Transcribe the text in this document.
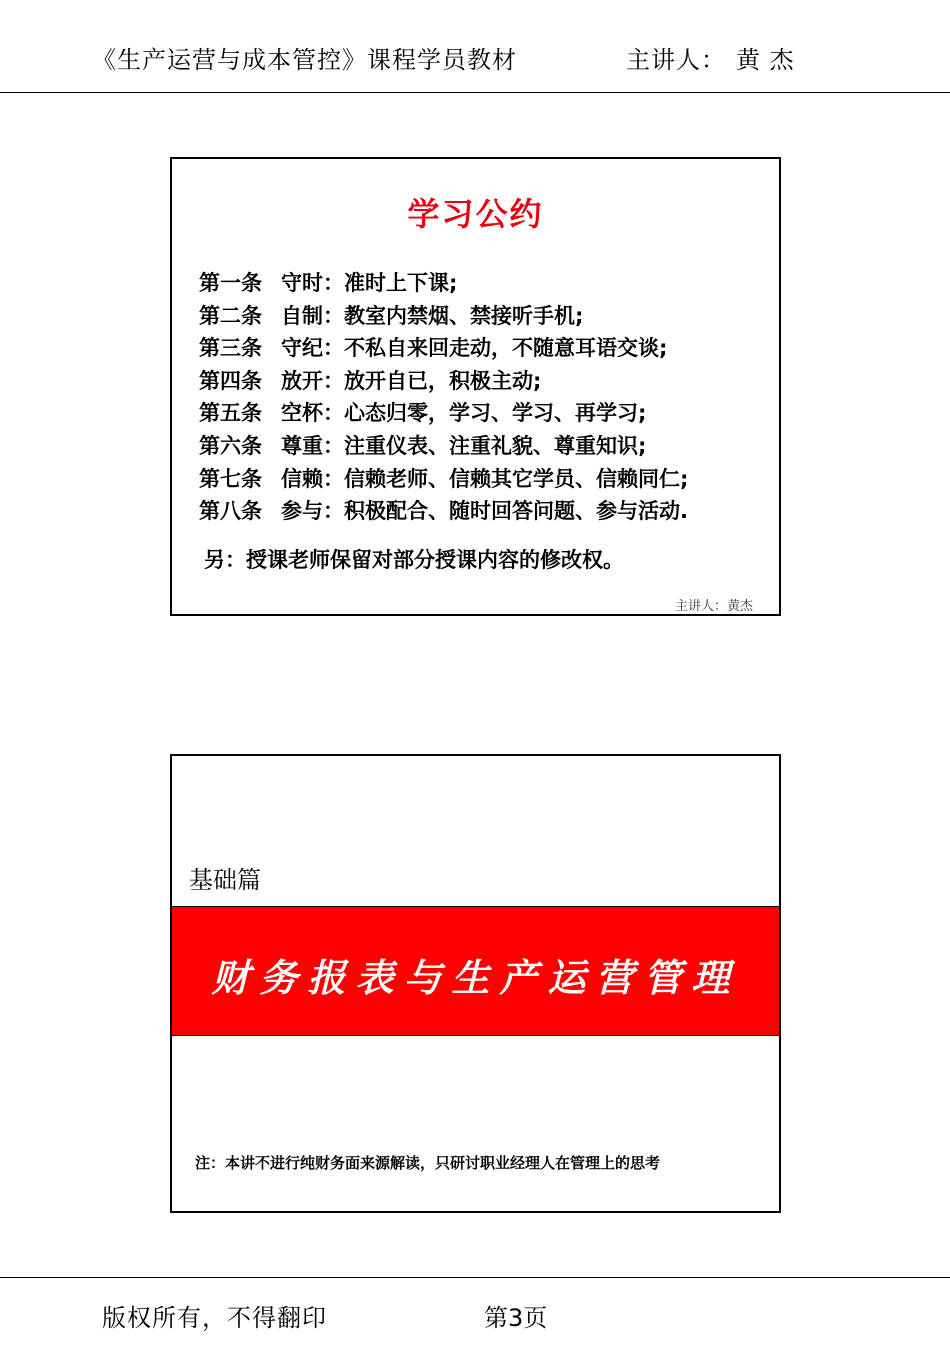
《生产运营与成本管控》课程学员教材	主讲人： 黄 杰
学习公约
第一条 守时：准时上下课;
第二条 自制：教室内禁烟、禁接听手机;
第三条 守纪：不私自来回走动，不随意耳语交谈;
第四条 放开：放开自已，积极主动;
第五条 空杯：心态归零，学习、学习、再学习;
第六条 尊重：注重仪表、注重礼貌、尊重知识;
第七条 信赖：信赖老师、信赖其它学员、信赖同仁;
第八条 参与：积极配合、随时回答问题、参与活动.
另：授课老师保留对部分授课内容的修改权。
主讲人：黄杰
基础篇
财务报表与生产运营管理
注：本讲不进行纯财务面来源解读，只研讨职业经理人在管理上的思考
版权所有，不得翻印	第3页
